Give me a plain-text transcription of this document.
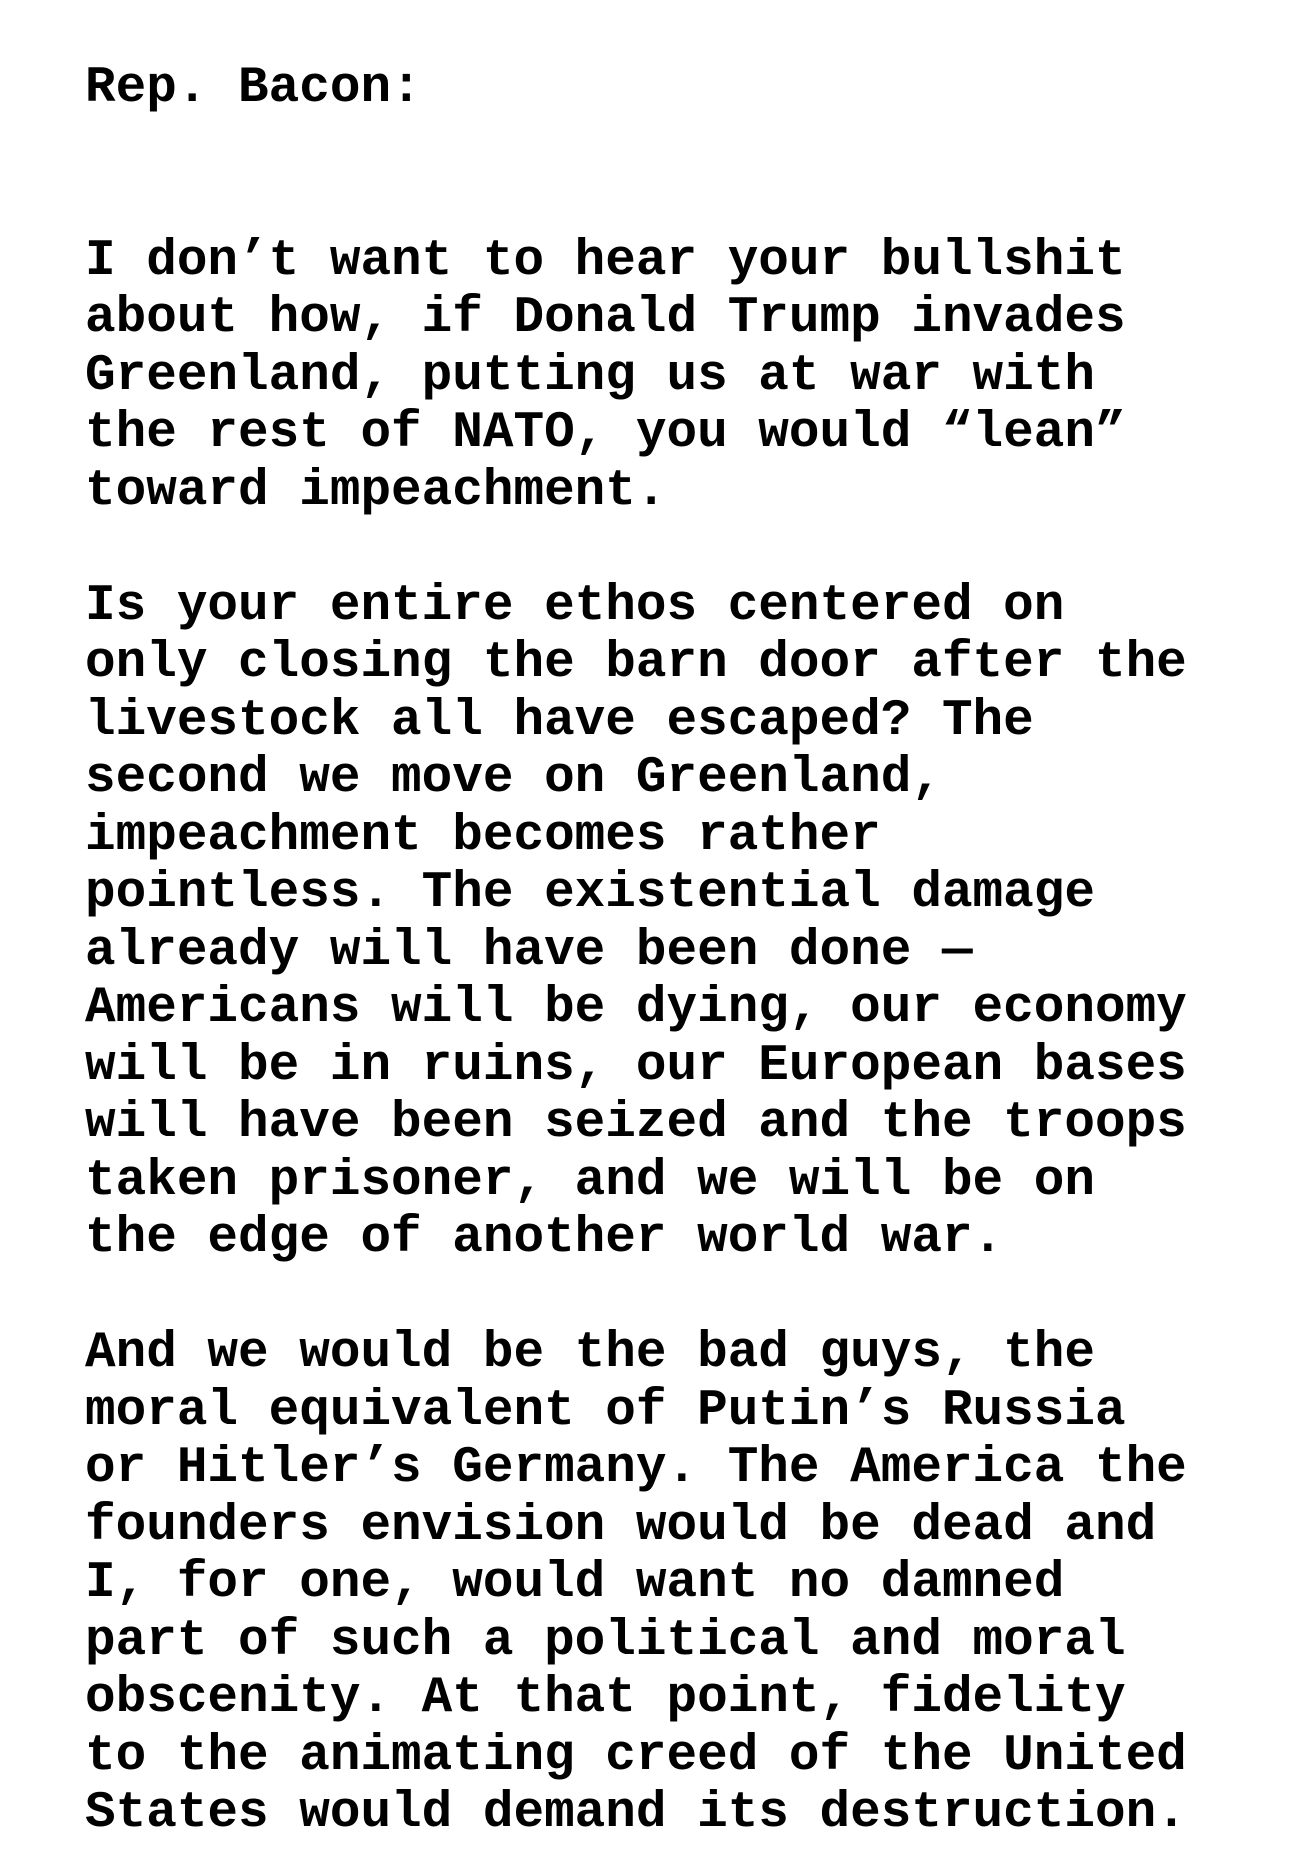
Rep. Bacon:

I don’t want to hear your bullshit
about how, if Donald Trump invades
Greenland, putting us at war with
the rest of NATO, you would “lean”
toward impeachment.
Is your entire ethos centered on
only closing the barn door after the
livestock all have escaped? The
second we move on Greenland,
impeachment becomes rather
pointless. The existential damage
already will have been done —
Americans will be dying, our economy
will be in ruins, our European bases
will have been seized and the troops
taken prisoner, and we will be on
the edge of another world war.
And we would be the bad guys, the
moral equivalent of Putin’s Russia
or Hitler’s Germany. The America the
founders envision would be dead and
I, for one, would want no damned
part of such a political and moral
obscenity. At that point, fidelity
to the animating creed of the United
States would demand its destruction.
